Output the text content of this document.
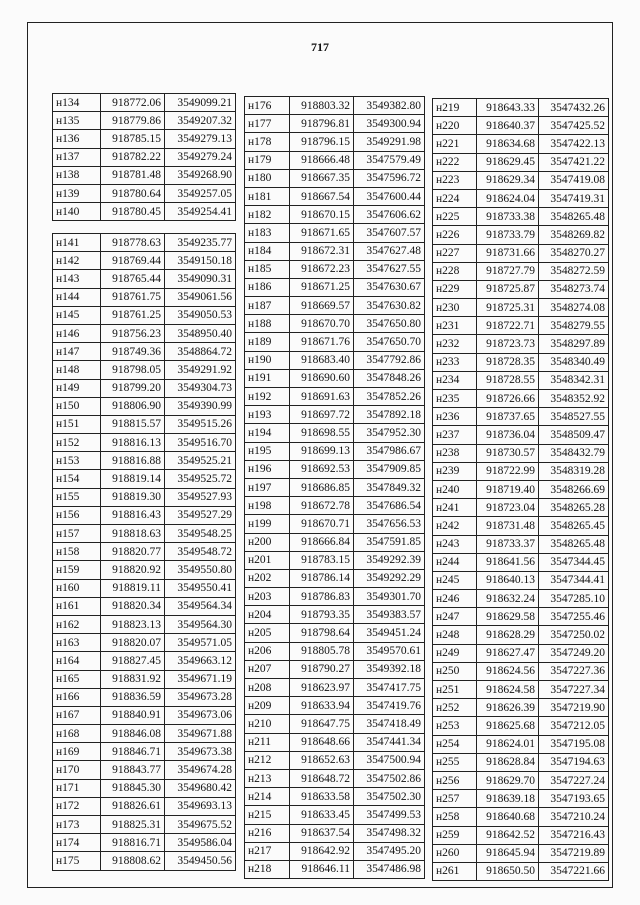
717
н134	918772.06	3549099.21
н135	918779.86	3549207.32
н136	918785.15	3549279.13
н137	918782.22	3549279.24
н138	918781.48	3549268.90
н139	918780.64	3549257.05
н140	918780.45	3549254.41
н141	918778.63	3549235.77
н142	918769.44	3549150.18
н143	918765.44	3549090.31
н144	918761.75	3549061.56
н145	918761.25	3549050.53
н146	918756.23	3548950.40
н147	918749.36	3548864.72
н148	918798.05	3549291.92
н149	918799.20	3549304.73
н150	918806.90	3549390.99
н151	918815.57	3549515.26
н152	918816.13	3549516.70
н153	918816.88	3549525.21
н154	918819.14	3549525.72
н155	918819.30	3549527.93
н156	918816.43	3549527.29
н157	918818.63	3549548.25
н158	918820.77	3549548.72
н159	918820.92	3549550.80
н160	918819.11	3549550.41
н161	918820.34	3549564.34
н162	918823.13	3549564.30
н163	918820.07	3549571.05
н164	918827.45	3549663.12
н165	918831.92	3549671.19
н166	918836.59	3549673.28
н167	918840.91	3549673.06
н168	918846.08	3549671.88
н169	918846.71	3549673.38
н170	918843.77	3549674.28
н171	918845.30	3549680.42
н172	918826.61	3549693.13
н173	918825.31	3549675.52
н174	918816.71	3549586.04
н175	918808.62	3549450.56
н176	918803.32	3549382.80
н177	918796.81	3549300.94
н178	918796.15	3549291.98
н179	918666.48	3547579.49
н180	918667.35	3547596.72
н181	918667.54	3547600.44
н182	918670.15	3547606.62
н183	918671.65	3547607.57
н184	918672.31	3547627.48
н185	918672.23	3547627.55
н186	918671.25	3547630.67
н187	918669.57	3547630.82
н188	918670.70	3547650.80
н189	918671.76	3547650.70
н190	918683.40	3547792.86
н191	918690.60	3547848.26
н192	918691.63	3547852.26
н193	918697.72	3547892.18
н194	918698.55	3547952.30
н195	918699.13	3547986.67
н196	918692.53	3547909.85
н197	918686.85	3547849.32
н198	918672.78	3547686.54
н199	918670.71	3547656.53
н200	918666.84	3547591.85
н201	918783.15	3549292.39
н202	918786.14	3549292.29
н203	918786.83	3549301.70
н204	918793.35	3549383.57
н205	918798.64	3549451.24
н206	918805.78	3549570.61
н207	918790.27	3549392.18
н208	918623.97	3547417.75
н209	918633.94	3547419.76
н210	918647.75	3547418.49
н211	918648.66	3547441.34
н212	918652.63	3547500.94
н213	918648.72	3547502.86
н214	918633.58	3547502.30
н215	918633.45	3547499.53
н216	918637.54	3547498.32
н217	918642.92	3547495.20
н218	918646.11	3547486.98
н219	918643.33	3547432.26
н220	918640.37	3547425.52
н221	918634.68	3547422.13
н222	918629.45	3547421.22
н223	918629.34	3547419.08
н224	918624.04	3547419.31
н225	918733.38	3548265.48
н226	918733.79	3548269.82
н227	918731.66	3548270.27
н228	918727.79	3548272.59
н229	918725.87	3548273.74
н230	918725.31	3548274.08
н231	918722.71	3548279.55
н232	918723.73	3548297.89
н233	918728.35	3548340.49
н234	918728.55	3548342.31
н235	918726.66	3548352.92
н236	918737.65	3548527.55
н237	918736.04	3548509.47
н238	918730.57	3548432.79
н239	918722.99	3548319.28
н240	918719.40	3548266.69
н241	918723.04	3548265.28
н242	918731.48	3548265.45
н243	918733.37	3548265.48
н244	918641.56	3547344.45
н245	918640.13	3547344.41
н246	918632.24	3547285.10
н247	918629.58	3547255.46
н248	918628.29	3547250.02
н249	918627.47	3547249.20
н250	918624.56	3547227.36
н251	918624.58	3547227.34
н252	918626.39	3547219.90
н253	918625.68	3547212.05
н254	918624.01	3547195.08
н255	918628.84	3547194.63
н256	918629.70	3547227.24
н257	918639.18	3547193.65
н258	918640.68	3547210.24
н259	918642.52	3547216.43
н260	918645.94	3547219.89
н261	918650.50	3547221.66
